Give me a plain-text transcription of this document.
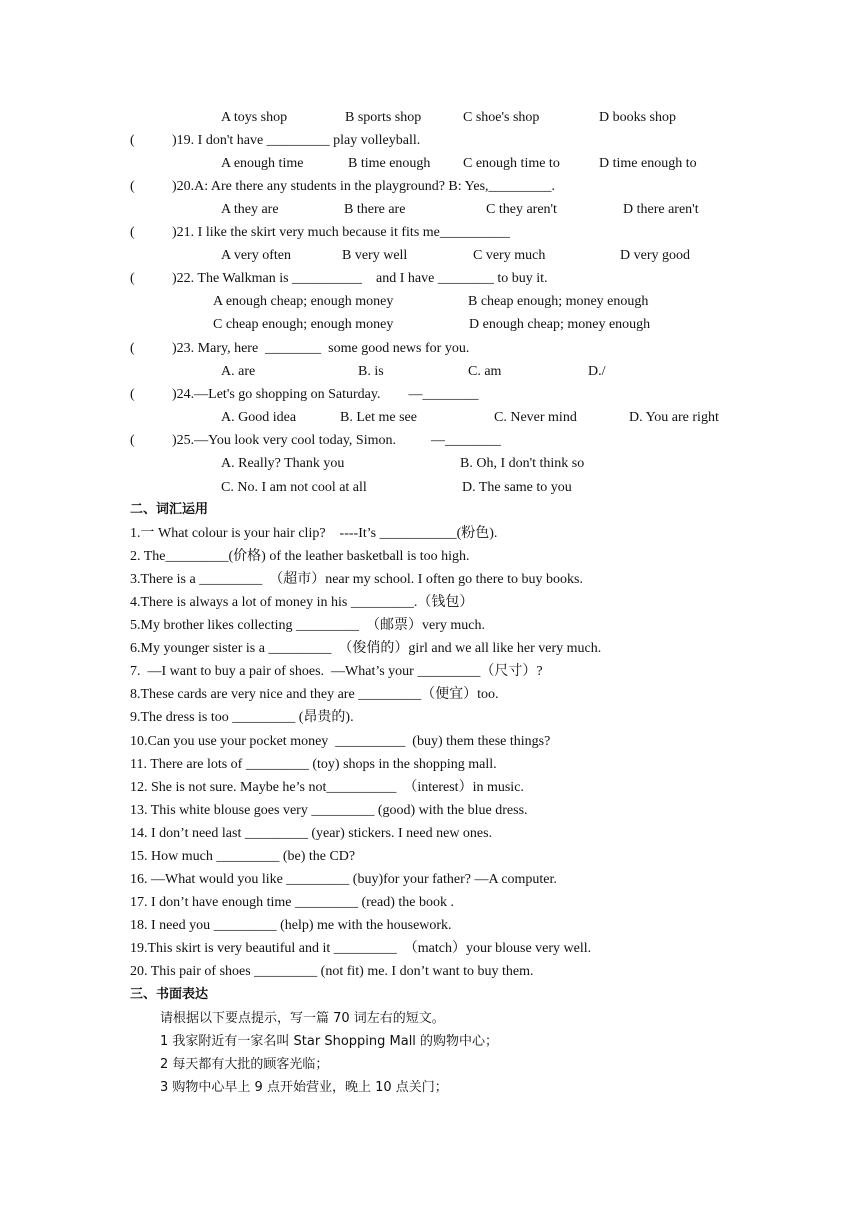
A toys shop	B sports shop	C shoe's shop	D books shop
(	)19. I don't have _________ play volleyball.
A enough time	B time enough C enough time to	D time enough to
(	)20.A: Are there any students in the playground? B: Yes,_________.
A they are	B there are	C they aren't	D there aren't
(	)21. I like the skirt very much because it fits me__________
A very often	B very well	C very much	D very good
(	)22. The Walkman is __________    and I have ________ to buy it.
A enough cheap; enough money	B cheap enough; money enough
C cheap enough; enough money	D enough cheap; money enough
(	)23. Mary, here  ________  some good news for you.
A. are	B. is	C. am	D./
(	)24.—Let's go shopping on Saturday.        —________
A. Good idea	B. Let me see	C. Never mind	D. You are right
(	)25.—You look very cool today, Simon.          —________
A. Really? Thank you	B. Oh, I don't think so
C. No. I am not cool at all	D. The same to you
二、词汇运用
1.一 What colour is your hair clip?    ----It’s ___________(粉色).
2. The_________(价格) of the leather basketball is too high.
3.There is a _________  （超市）near my school. I often go there to buy books.
4.There is always a lot of money in his _________.（钱包）
5.My brother likes collecting _________  （邮票）very much.
6.My younger sister is a _________  （俊俏的）girl and we all like her very much.
7.  —I want to buy a pair of shoes.  —What’s your _________（尺寸）?
8.These cards are very nice and they are _________（便宜）too.
9.The dress is too _________ (昂贵的).
10.Can you use your pocket money  __________  (buy) them these things?
11. There are lots of _________ (toy) shops in the shopping mall.
12. She is not sure. Maybe he’s not__________  （interest）in music.
13. This white blouse goes very _________ (good) with the blue dress.
14. I don’t need last _________ (year) stickers. I need new ones.
15. How much _________ (be) the CD?
16. —What would you like _________ (buy)for your father? —A computer.
17. I don’t have enough time _________ (read) the book .
18. I need you _________ (help) me with the housework.
19.This skirt is very beautiful and it _________  （match）your blouse very well.
20. This pair of shoes _________ (not fit) me. I don’t want to buy them.
三、书面表达
请根据以下要点提示，写一篇 70 词左右的短文。
1 我家附近有一家名叫 Star Shopping Mall 的购物中心；
2 每天都有大批的顾客光临；
3 购物中心早上 9 点开始营业，晚上 10 点关门；
